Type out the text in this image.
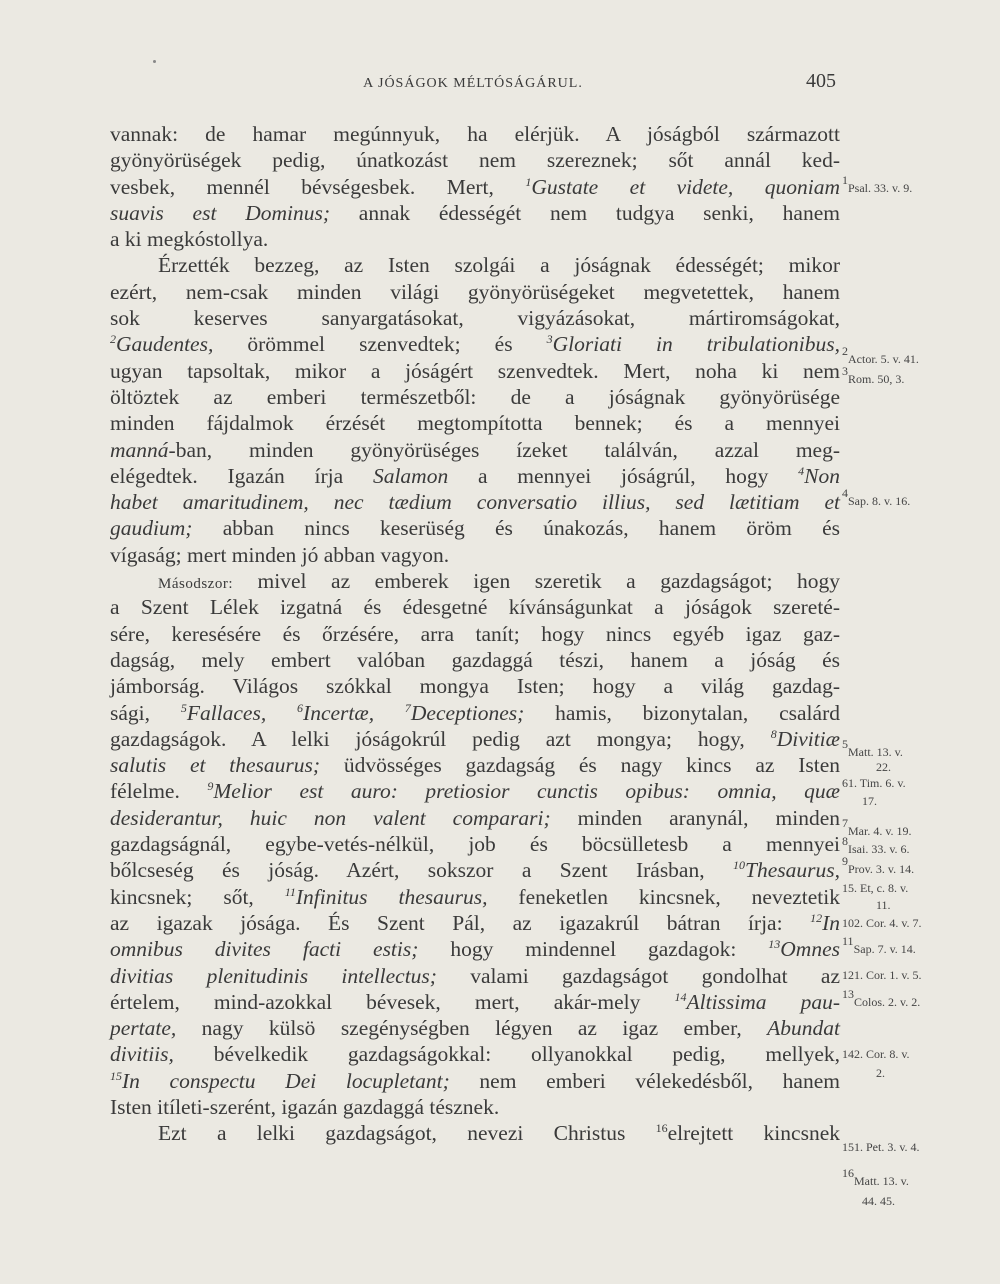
A JÓSÁGOK MÉLTÓSÁGÁRUL.	405
vannak: de hamar megúnnyuk, ha elérjük. A jóságból származott
gyönyörüségek pedig, únatkozást nem szereznek; sőt annál ked-
vesbek, mennél bévségesbek. Mert, $^1$Gustate et videte, quoniam
suavis est Dominus; annak édességét nem tudgya senki, hanem
a ki megkóstollya.
Érzették bezzeg, az Isten szolgái a jóságnak édességét; mikor
ezért, nem-csak minden világi gyönyörüségeket megvetettek, hanem
sok keserves sanyargatásokat, vigyázásokat, mártiromságokat,
$^2$Gaudentes, örömmel szenvedtek; és $^3$Gloriati in tribulationibus,
ugyan tapsoltak, mikor a jóságért szenvedtek. Mert, noha ki nem
öltöztek az emberi természetből: de a jóságnak gyönyörüsége
minden fájdalmok érzését megtompította bennek; és a mennyei
manná-ban, minden gyönyörüséges ízeket találván, azzal meg-
elégedtek. Igazán írja Salamon a mennyei jóságrúl, hogy $^4$Non
habet amaritudinem, nec tædium conversatio illius, sed lætitiam et
gaudium; abban nincs keserüség és únakozás, hanem öröm és
vígaság; mert minden jó abban vagyon.
Másodszor: mivel az emberek igen szeretik a gazdagságot; hogy
a Szent Lélek izgatná és édesgetné kívánságunkat a jóságok szereté-
sére, keresésére és őrzésére, arra tanít; hogy nincs egyéb igaz gaz-
dagság, mely embert valóban gazdaggá tészi, hanem a jóság és
jámborság. Világos szókkal mongya Isten; hogy a világ gazdag-
sági, $^5$Fallaces, $^6$Incertæ, $^7$Deceptiones; hamis, bizonytalan, csalárd
gazdagságok. A lelki jóságokrúl pedig azt mongya; hogy, $^8$Divitiæ
salutis et thesaurus; üdvösséges gazdagság és nagy kincs az Isten
félelme. $^9$Melior est auro: pretiosior cunctis opibus: omnia, quæ
desiderantur, huic non valent comparari; minden aranynál, minden
gazdagságnál, egybe-vetés-nélkül, job és böcsülletesb a mennyei
bőlcseség és jóság. Azért, sokszor a Szent Irásban, $^{10}$Thesaurus,
kincsnek; sőt, $^{11}$Infinitus thesaurus, feneketlen kincsnek, neveztetik
az igazak jósága. És Szent Pál, az igazakrúl bátran írja: $^{12}$In
omnibus divites facti estis; hogy mindennel gazdagok: $^{13}$Omnes
divitias plenitudinis intellectus; valami gazdagságot gondolhat az
értelem, mind-azokkal bévesek, mert, akár-mely $^{14}$Altissima pau-
pertate, nagy külsö szegénységben légyen az igaz ember, Abundat
divitiis, bévelkedik gazdagságokkal: ollyanokkal pedig, mellyek,
$^{15}$In conspectu Dei locupletant; nem emberi vélekedésből, hanem
Isten itíleti-szerént, igazán gazdaggá tésznek.
Ezt a lelki gazdagságot, nevezi Christus $^{16}$elrejtett kincsnek
$^1$Psal. 33. v. 9.
$^2$Actor. 5. v. 41.
$^3$Rom. 50, 3.
$^4$Sap. 8. v. 16.
$^5$Matt. 13. v.
22.
61. Tim. 6. v.
17.
$^7$Mar. 4. v. 19.
$^8$Isai. 33. v. 6.
$^9$Prov. 3. v. 14.
15. Et, c. 8. v.
11.
102. Cor. 4. v. 7.
$^{11}$Sap. 7. v. 14.
121. Cor. 1. v. 5.
$^{13}$Colos. 2. v. 2.
142. Cor. 8. v.
2.
151. Pet. 3. v. 4.
$^{16}$Matt. 13. v.
44. 45.
